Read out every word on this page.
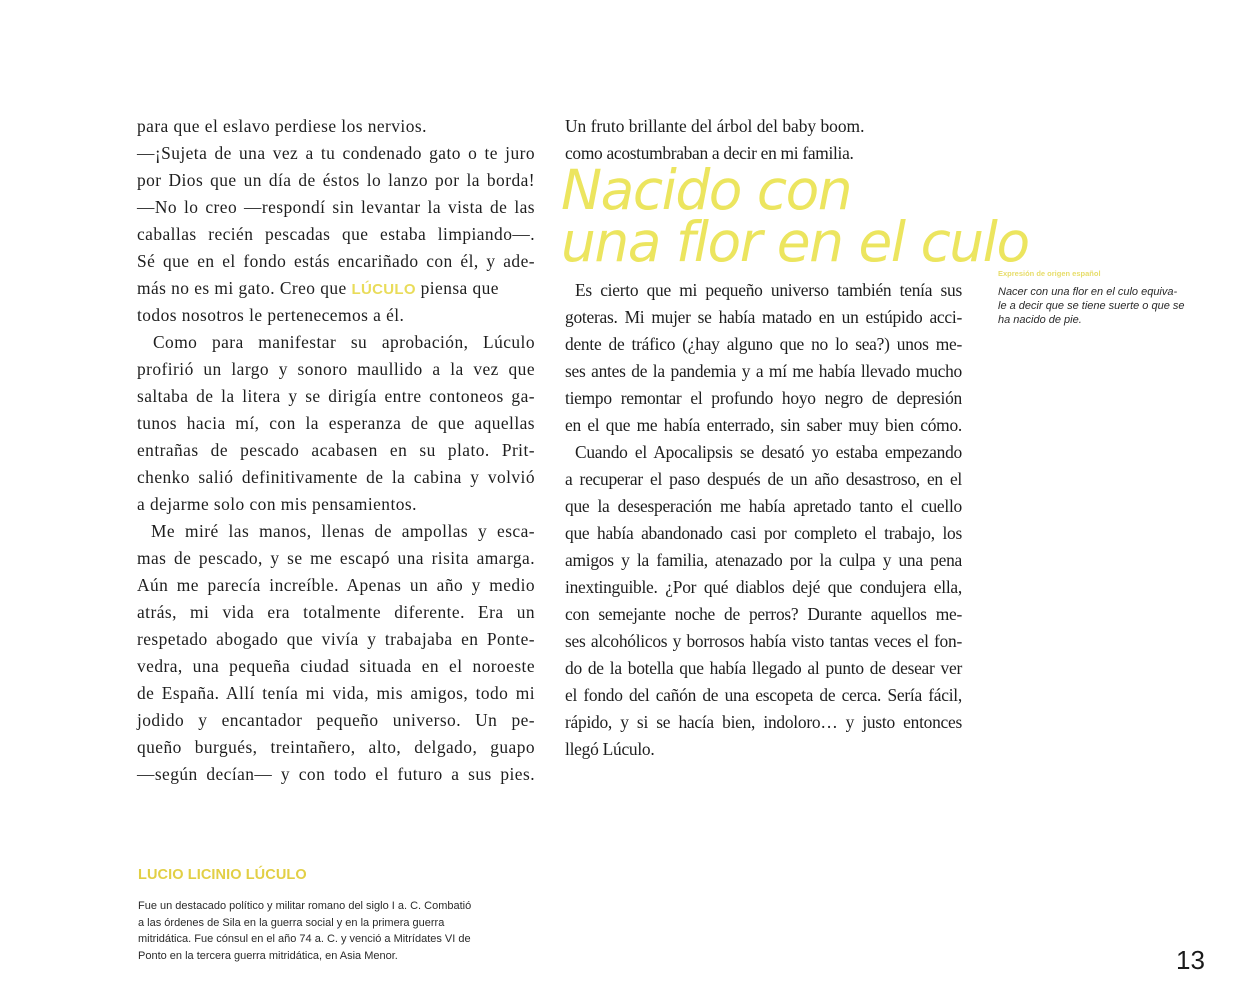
para que el eslavo perdiese los nervios.
—¡Sujeta de una vez a tu condenado gato o te juro
por Dios que un día de éstos lo lanzo por la borda!
—No lo creo —respondí sin levantar la vista de las
caballas recién pescadas que estaba limpiando—.
Sé que en el fondo estás encariñado con él, y ade-
más no es mi gato. Creo que LÚCULO piensa que
todos nosotros le pertenecemos a él.
Como para manifestar su aprobación, Lúculo
profirió un largo y sonoro maullido a la vez que
saltaba de la litera y se dirigía entre contoneos ga-
tunos hacia mí, con la esperanza de que aquellas
entrañas de pescado acabasen en su plato. Prit-
chenko salió definitivamente de la cabina y volvió
a dejarme solo con mis pensamientos.
Me miré las manos, llenas de ampollas y esca-
mas de pescado, y se me escapó una risita amarga.
Aún me parecía increíble. Apenas un año y medio
atrás, mi vida era totalmente diferente. Era un
respetado abogado que vivía y trabajaba en Ponte-
vedra, una pequeña ciudad situada en el noroeste
de España. Allí tenía mi vida, mis amigos, todo mi
jodido y encantador pequeño universo. Un pe-
queño burgués, treintañero, alto, delgado, guapo
—según decían— y con todo el futuro a sus pies.
Un fruto brillante del árbol del baby boom.
como acostumbraban a decir en mi familia.
Nacido con
una flor en el culo
Expresión de origen español
Nacer con una flor en el culo equiva-
le a decir que se tiene suerte o que se
ha nacido de pie.
Es cierto que mi pequeño universo también tenía sus
goteras. Mi mujer se había matado en un estúpido acci-
dente de tráfico (¿hay alguno que no lo sea?) unos me-
ses antes de la pandemia y a mí me había llevado mucho
tiempo remontar el profundo hoyo negro de depresión
en el que me había enterrado, sin saber muy bien cómo.
Cuando el Apocalipsis se desató yo estaba empezando
a recuperar el paso después de un año desastroso, en el
que la desesperación me había apretado tanto el cuello
que había abandonado casi por completo el trabajo, los
amigos y la familia, atenazado por la culpa y una pena
inextinguible. ¿Por qué diablos dejé que condujera ella,
con semejante noche de perros? Durante aquellos me-
ses alcohólicos y borrosos había visto tantas veces el fon-
do de la botella que había llegado al punto de desear ver
el fondo del cañón de una escopeta de cerca. Sería fácil,
rápido, y si se hacía bien, indoloro… y justo entonces
llegó Lúculo.
LUCIO LICINIO LÚCULO
Fue un destacado político y militar romano del siglo I a. C. Combatió
a las órdenes de Sila en la guerra social y en la primera guerra
mitridática. Fue cónsul en el año 74 a. C. y venció a Mitrídates VI de
Ponto en la tercera guerra mitridática, en Asia Menor.	13
